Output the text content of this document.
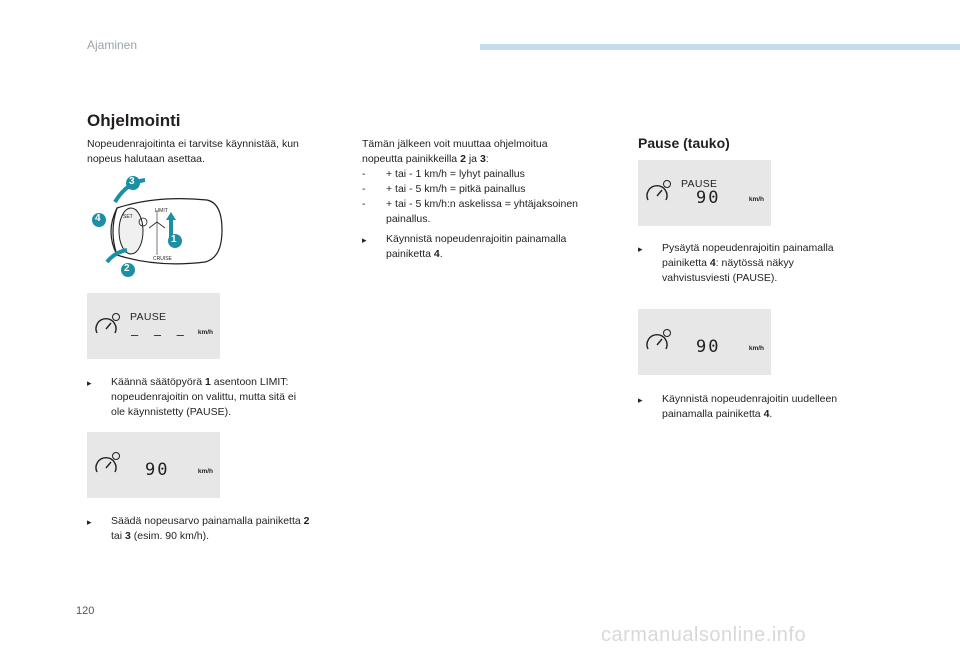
Ajaminen
Ohjelmointi
Nopeudenrajoitinta ei tarvitse käynnistää, kun
nopeus halutaan asettaa.
3
4
1
2
SET
LIMIT
CRUISE
PAUSE
– – – km/h
▸	Käännä säätöpyörä 1 asentoon LIMIT:
nopeudenrajoitin on valittu, mutta sitä ei
ole käynnistetty (PAUSE).
90	km/h
▸	Säädä nopeusarvo painamalla painiketta 2
tai 3 (esim. 90 km/h).
Tämän jälkeen voit muuttaa ohjelmoitua
nopeutta painikkeilla 2 ja 3:
-	+ tai - 1 km/h = lyhyt painallus
-	+ tai - 5 km/h = pitkä painallus
-	+ tai - 5 km/h:n askelissa = yhtäjaksoinen
painallus.
▸	Käynnistä nopeudenrajoitin painamalla
painiketta 4.
Pause (tauko)
PAUSE
90	km/h
▸	Pysäytä nopeudenrajoitin painamalla
painiketta 4: näytössä näkyy
vahvistusviesti (PAUSE).
90	km/h
▸	Käynnistä nopeudenrajoitin uudelleen
painamalla painiketta 4.
120
carmanualsonline.info
